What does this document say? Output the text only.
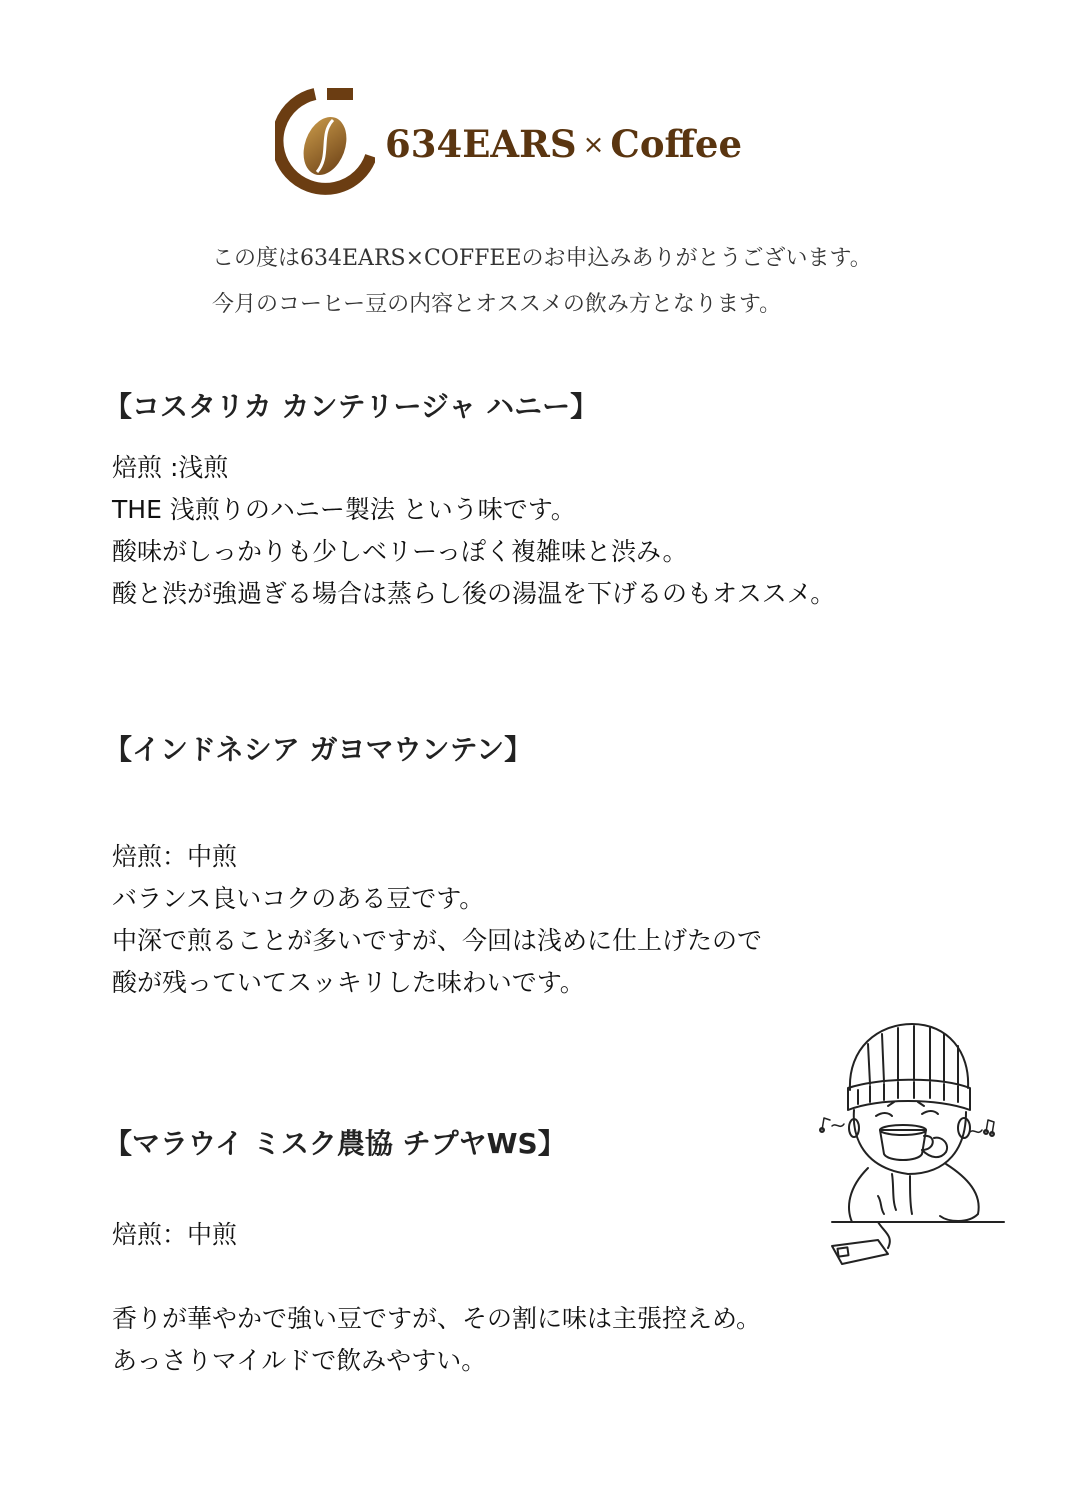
634EARS × Coffee
この度は634EARS×COFFEEのお申込みありがとうございます。
今月のコーヒー豆の内容とオススメの飲み方となります。
【コスタリカ カンテリージャ ハニー】
焙煎 :浅煎
THE 浅煎りのハニー製法 という味です。
酸味がしっかりも少しベリーっぽく複雑味と渋み。
酸と渋が強過ぎる場合は蒸らし後の湯温を下げるのもオススメ。
【インドネシア ガヨマウンテン】
焙煎：中煎
バランス良いコクのある豆です。
中深で煎ることが多いですが、今回は浅めに仕上げたので
酸が残っていてスッキリした味わいです。
【マラウイ ミスク農協 チプヤWS】
焙煎：中煎
香りが華やかで強い豆ですが、その割に味は主張控えめ。
あっさりマイルドで飲みやすい。
